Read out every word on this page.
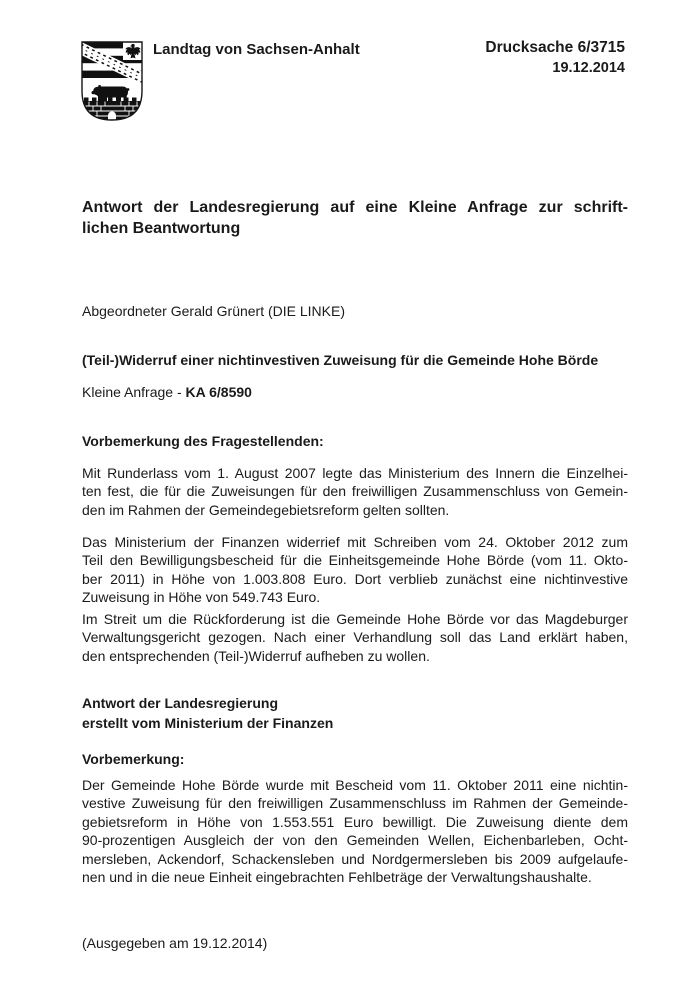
Landtag von Sachsen-Anhalt	Drucksache 6/3715
19.12.2014
Antwort der Landesregierung auf eine Kleine Anfrage zur schrift-
lichen Beantwortung
Abgeordneter Gerald Grünert (DIE LINKE)
(Teil-)Widerruf einer nichtinvestiven Zuweisung für die Gemeinde Hohe Börde
Kleine Anfrage - KA 6/8590
Vorbemerkung des Fragestellenden:
Mit Runderlass vom 1. August 2007 legte das Ministerium des Innern die Einzelhei-
ten fest, die für die Zuweisungen für den freiwilligen Zusammenschluss von Gemein-
den im Rahmen der Gemeindegebietsreform gelten sollten.
Das Ministerium der Finanzen widerrief mit Schreiben vom 24. Oktober 2012 zum
Teil den Bewilligungsbescheid für die Einheitsgemeinde Hohe Börde (vom 11. Okto-
ber 2011) in Höhe von 1.003.808 Euro. Dort verblieb zunächst eine nichtinvestive
Zuweisung in Höhe von 549.743 Euro.
Im Streit um die Rückforderung ist die Gemeinde Hohe Börde vor das Magdeburger
Verwaltungsgericht gezogen. Nach einer Verhandlung soll das Land erklärt haben,
den entsprechenden (Teil-)Widerruf aufheben zu wollen.
Antwort der Landesregierung
erstellt vom Ministerium der Finanzen
Vorbemerkung:
Der Gemeinde Hohe Börde wurde mit Bescheid vom 11. Oktober 2011 eine nichtin-
vestive Zuweisung für den freiwilligen Zusammenschluss im Rahmen der Gemeinde-
gebietsreform in Höhe von 1.553.551 Euro bewilligt. Die Zuweisung diente dem
90-prozentigen Ausgleich der von den Gemeinden Wellen, Eichenbarleben, Ocht-
mersleben, Ackendorf, Schackensleben und Nordgermersleben bis 2009 aufgelaufe-
nen und in die neue Einheit eingebrachten Fehlbeträge der Verwaltungshaushalte.
(Ausgegeben am 19.12.2014)
